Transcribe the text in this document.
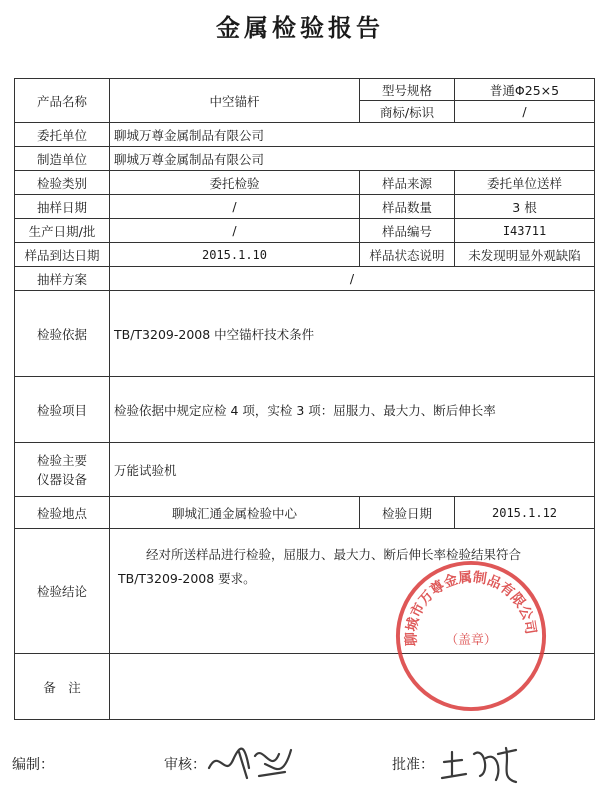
金属检验报告
产品名称	中空锚杆	型号规格	普通Φ25×5
		商标/标识	/
委托单位	聊城万尊金属制品有限公司		
制造单位	聊城万尊金属制品有限公司		
检验类别	委托检验	样品来源	委托单位送样
抽样日期	/	样品数量	3 根
生产日期/批	/	样品编号	I43711
样品到达日期	2015.1.10	样品状态说明	未发现明显外观缺陷
抽样方案	/		
检验依据	TB/T3209-2008 中空锚杆技术条件		
检验项目	检验依据中规定应检 4 项，实检 3 项：屈服力、最大力、断后伸长率		
检验主要
仪器设备	万能试验机		
检验地点	聊城汇通金属检验中心	检验日期	2015.1.12
检验结论	经对所送样品进行检验，屈服力、最大力、断后伸长率检验结果符合
TB/T3209-2008 要求。		

备　注			
聊城市万尊金属制品有限公司
（盖章）
编制：	审核：	批准：
